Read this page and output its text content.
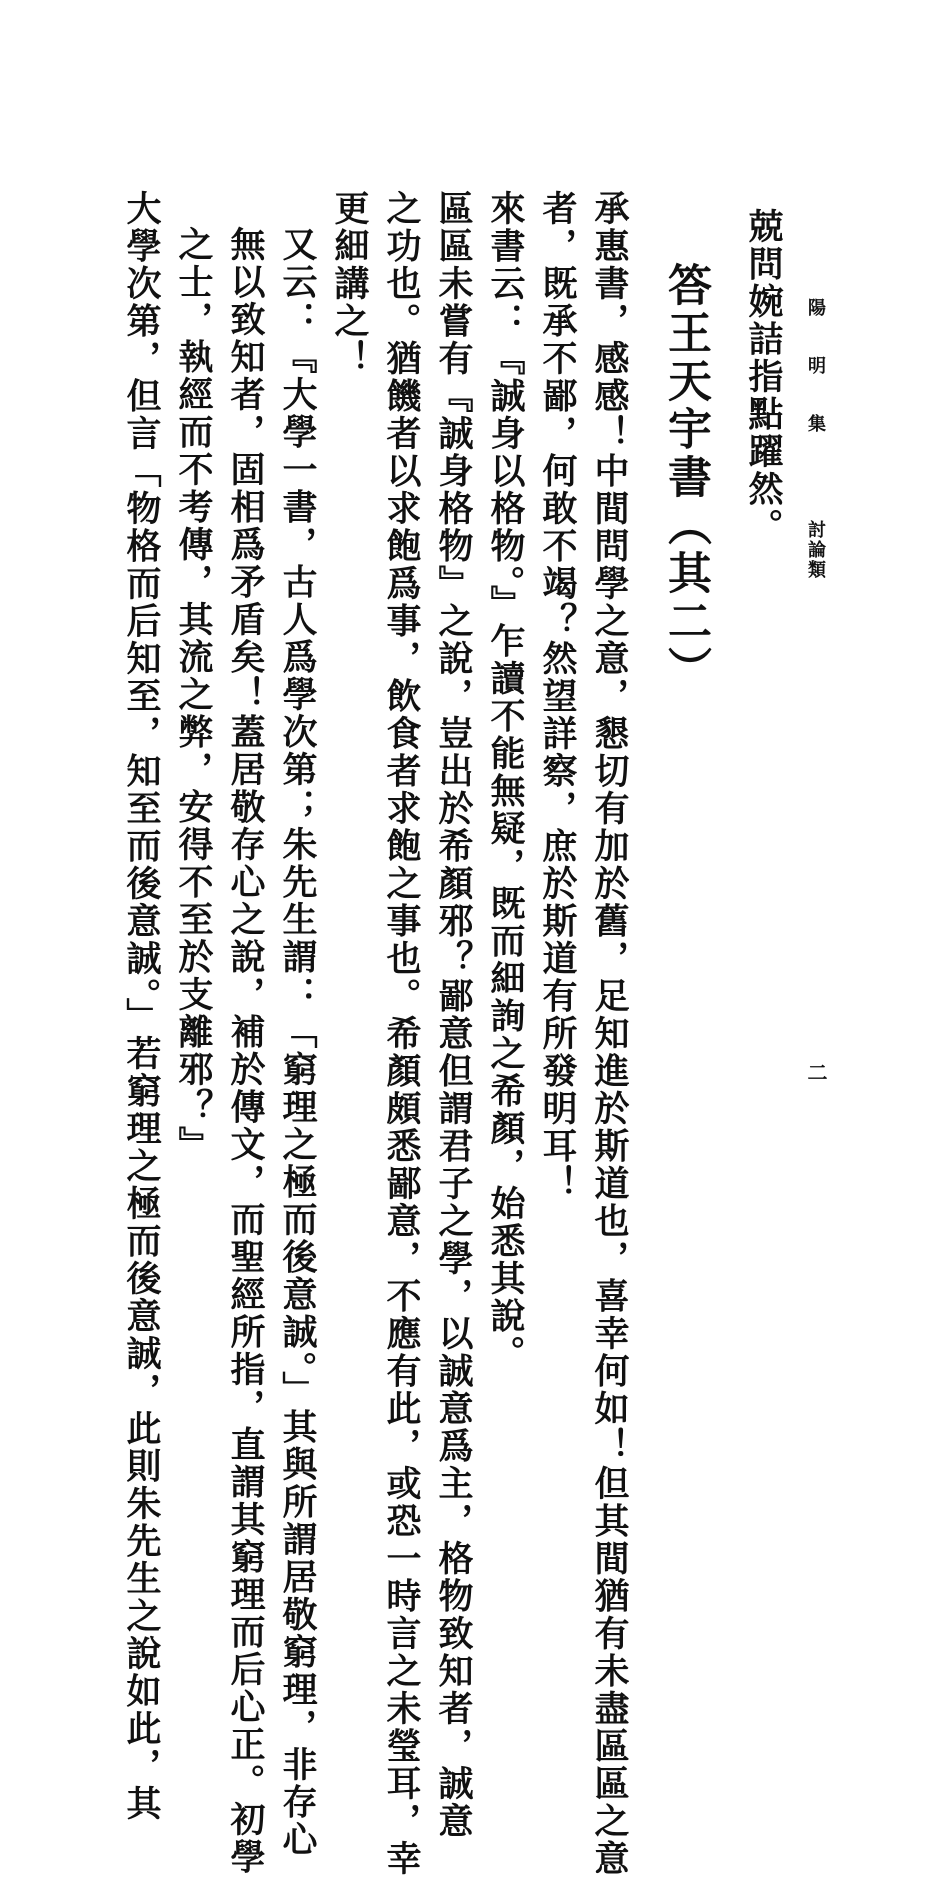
陽明集
討論類
二
兢問婉詰指點躍然。
答王天宇書（其二）
承惠書，感感！中間問學之意，懇切有加於舊，足知進於斯道也，喜幸何如！但其間猶有未盡區區之意
者，既承不鄙，何敢不竭？然望詳察，庶於斯道有所發明耳！
來書云：『誠身以格物。』乍讀不能無疑，既而細詢之希顏，始悉其說。
區區未嘗有『誠身格物』之說，豈出於希顏邪？鄙意但謂君子之學，以誠意爲主，格物致知者，誠意
之功也。猶饑者以求飽爲事，飲食者求飽之事也。希顏頗悉鄙意，不應有此，或恐一時言之未瑩耳，幸
更細講之！
又云：『大學一書，古人爲學次第；朱先生謂：「窮理之極而後意誠。」其與所謂居敬窮理，非存心
無以致知者，固相爲矛盾矣！蓋居敬存心之說，補於傳文，而聖經所指，直謂其窮理而后心正。初學
之士，執經而不考傳，其流之弊，安得不至於支離邪？』
大學次第，但言「物格而后知至，知至而後意誠。」若窮理之極而後意誠，此則朱先生之說如此，其
